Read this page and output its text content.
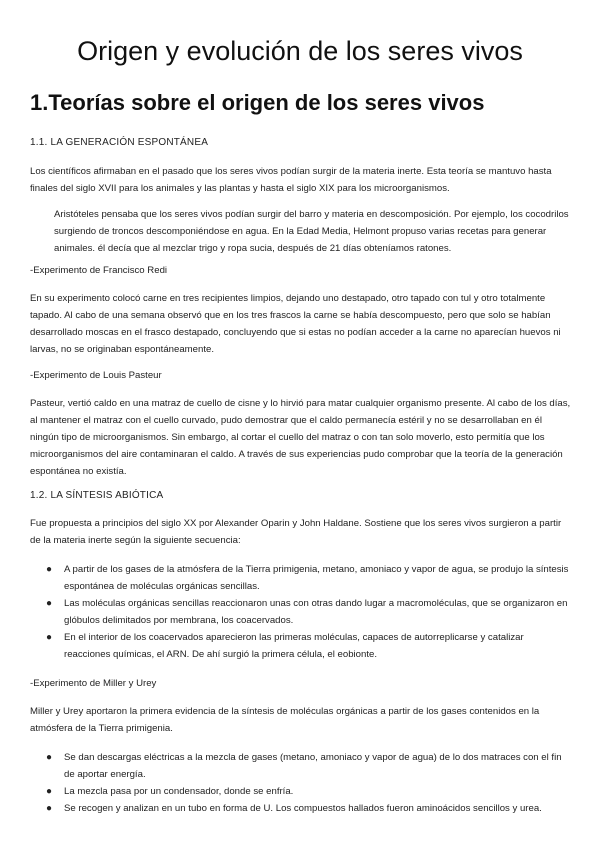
Origen y evolución de los seres vivos
1.Teorías sobre el origen de los seres vivos
1.1. LA GENERACIÓN ESPONTÁNEA

Los científicos afirmaban en el pasado que los seres vivos podían surgir de la materia inerte. Esta teoría se mantuvo hasta finales del siglo XVII para los animales y las plantas y hasta el siglo XIX para los microorganismos.

Aristóteles pensaba que los seres vivos podían surgir del barro y materia en descomposición. Por ejemplo, los cocodrilos surgiendo de troncos descomponiéndose en agua. En la Edad Media, Helmont propuso varias recetas para generar animales. él decía que al mezclar trigo y ropa sucia, después de 21 días obteníamos ratones.

-Experimento de Francisco Redi

En su experimento colocó carne en tres recipientes limpios, dejando uno destapado, otro tapado con tul y otro totalmente tapado. Al cabo de una semana observó que en los tres frascos la carne se había descompuesto, pero que solo se habían desarrollado moscas en el frasco destapado, concluyendo que si estas no podían acceder a la carne no aparecían huevos ni larvas, no se originaban espontáneamente.

-Experimento de Louis Pasteur

Pasteur, vertió caldo en una matraz de cuello de cisne y lo hirvió para matar cualquier organismo presente. Al cabo de los días, al mantener el matraz con el cuello curvado, pudo demostrar que el caldo permanecía estéril y no se desarrollaban en él ningún tipo de microorganismos. Sin embargo, al cortar el cuello del matraz o con tan solo moverlo, esto permitía que los microorganismos del aire contaminaran el caldo. A través de sus experiencias pudo comprobar que la teoría de la generación espontánea no existía.

1.2. LA SÍNTESIS ABIÓTICA

Fue propuesta a principios del siglo XX por Alexander Oparin y John Haldane. Sostiene que los seres vivos surgieron a partir de la materia inerte según la siguiente secuencia:

● A partir de los gases de la atmósfera de la Tierra primigenia, metano, amoniaco y vapor de agua, se produjo la síntesis espontánea de moléculas orgánicas sencillas.
● Las moléculas orgánicas sencillas reaccionaron unas con otras dando lugar a macromoléculas, que se organizaron en glóbulos delimitados por membrana, los coacervados.
● En el interior de los coacervados aparecieron las primeras moléculas, capaces de autorreplicarse y catalizar reacciones químicas, el ARN. De ahí surgió la primera célula, el eobionte.
-Experimento de Miller y Urey

Miller y Urey aportaron la primera evidencia de la síntesis de moléculas orgánicas a partir de los gases contenidos en la atmósfera de la Tierra primigenia.

● Se dan descargas eléctricas a la mezcla de gases (metano, amoniaco y vapor de agua) de lo dos matraces con el fin de aportar energía.
● La mezcla pasa por un condensador, donde se enfría.
● Se recogen y analizan en un tubo en forma de U. Los compuestos hallados fueron aminoácidos sencillos y urea.
